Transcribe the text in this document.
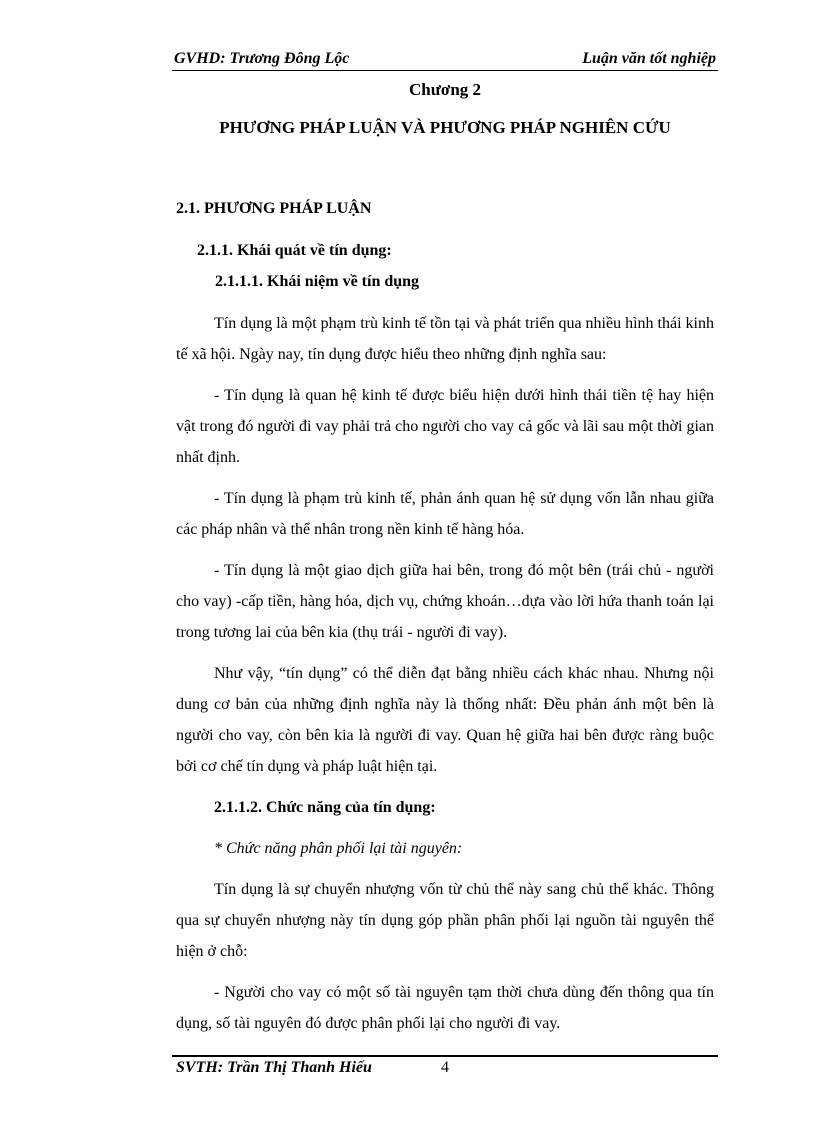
GVHD: Trương Đông Lộc	Luận văn tốt nghiệp
Chương 2
PHƯƠNG PHÁP LUẬN VÀ PHƯƠNG PHÁP NGHIÊN CỨU
2.1. PHƯƠNG PHÁP LUẬN
2.1.1. Khái quát về tín dụng:
2.1.1.1. Khái niệm về tín dụng

Tín dụng là một phạm trù kinh tế tồn tại và phát triển qua nhiều hình thái kinh tế xã hội. Ngày nay, tín dụng được hiểu theo những định nghĩa sau:

- Tín dụng là quan hệ kinh tế được biểu hiện dưới hình thái tiền tệ hay hiện vật trong đó người đi vay phải trả cho người cho vay cả gốc và lãi sau một thời gian nhất định.

- Tín dụng là phạm trù kinh tế, phản ánh quan hệ sử dụng vốn lẫn nhau giữa các pháp nhân và thể nhân trong nền kinh tế hàng hóa.

- Tín dụng là một giao dịch giữa hai bên, trong đó một bên (trái chủ - người cho vay) -cấp tiền, hàng hóa, dịch vụ, chứng khoán…dựa vào lời hứa thanh toán lại trong tương lai của bên kia (thụ trái - người đi vay).

Như vậy, “tín dụng” có thể diễn đạt bằng nhiều cách khác nhau. Nhưng nội dung cơ bản của những định nghĩa này là thống nhất: Đều phản ánh một bên là người cho vay, còn bên kia là người đi vay. Quan hệ giữa hai bên được ràng buộc bởi cơ chế tín dụng và pháp luật hiện tại.

2.1.1.2. Chức năng của tín dụng:

* Chức năng phân phối lại tài nguyên:

Tín dụng là sự chuyển nhượng vốn từ chủ thể này sang chủ thể khác. Thông qua sự chuyển nhượng này tín dụng góp phần phân phối lại nguồn tài nguyên thể hiện ở chỗ:

- Người cho vay có một số tài nguyên tạm thời chưa dùng đến thông qua tín dụng, số tài nguyên đó được phân phối lại cho người đi vay.

SVTH: Trần Thị Thanh Hiếu	4
